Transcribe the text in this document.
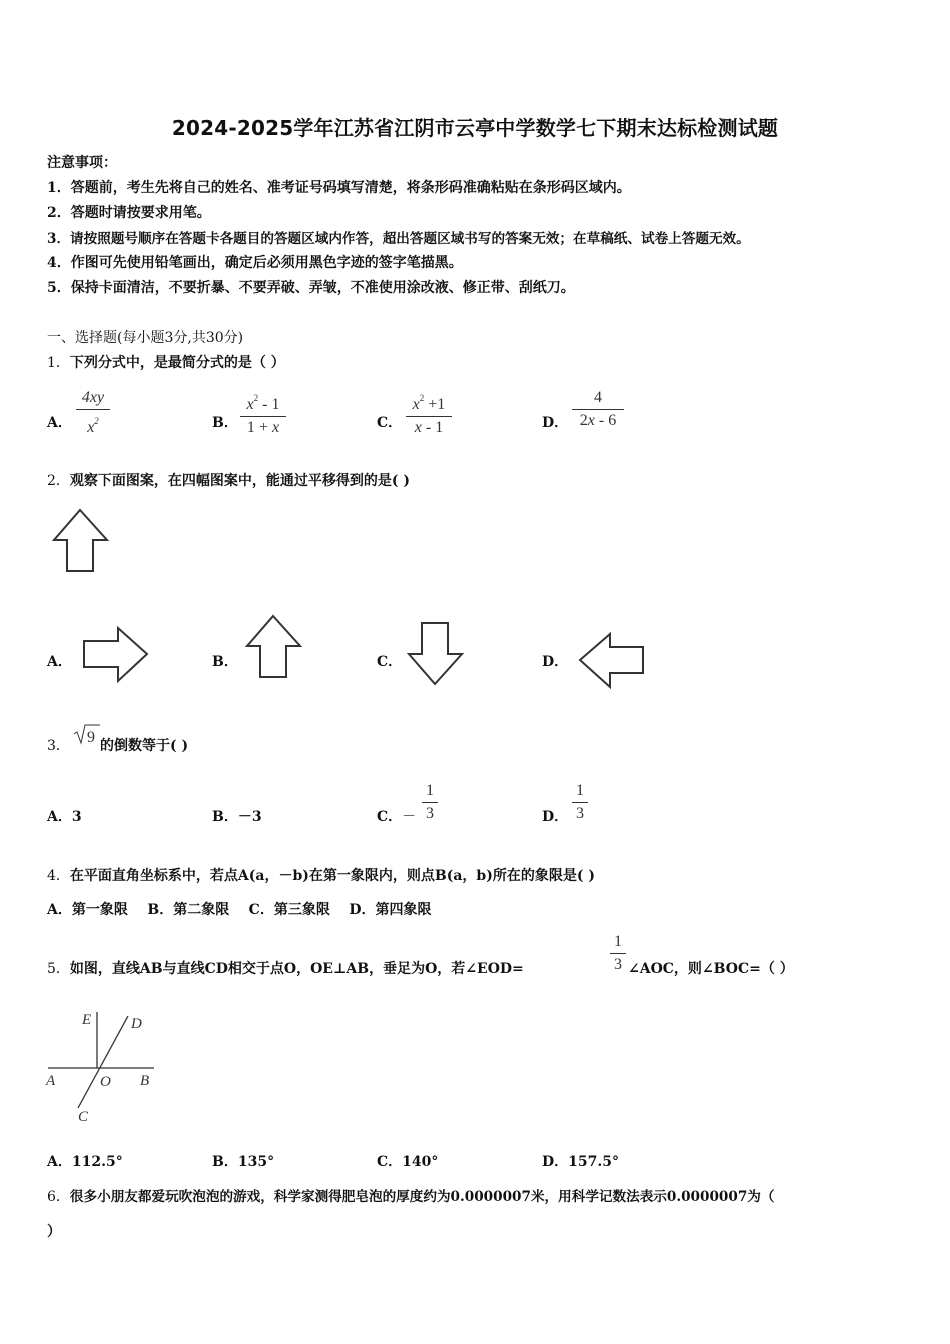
2024-2025学年江苏省江阴市云亭中学数学七下期末达标检测试题
注意事项：
1．答题前，考生先将自己的姓名、准考证号码填写清楚，将条形码准确粘贴在条形码区域内。
2．答题时请按要求用笔。
3．请按照题号顺序在答题卡各题目的答题区域内作答，超出答题区域书写的答案无效；在草稿纸、试卷上答题无效。
4．作图可先使用铅笔画出，确定后必须用黑色字迹的签字笔描黑。
5．保持卡面清洁，不要折暴、不要弄破、弄皱，不准使用涂改液、修正带、刮纸刀。
一、选择题(每小题3分,共30分)
1．下列分式中，是最简分式的是（ ）
A．
4xy
$x^2$	B．
$x^2 - 1$
1 + x	C．
$x^2 +1$
x - 1	D．
4
2x - 6
2．观察下面图案，在四幅图案中，能通过平移得到的是( )
A．	B．	C．	D．
3． 9 的倒数等于( )
A．3	B．－3	C．－
1
3	D．
1
3
4．在平面直角坐标系中，若点A(a，－b)在第一象限内，则点B(a，b)所在的象限是( )
A．第一象限    B．第二象限    C．第三象限    D．第四象限
5．如图，直线AB与直线CD相交于点O，OE⊥AB，垂足为O，若∠EOD=
1
3 ∠AOC，则∠BOC=（ ）
E	D
A	O B
C
A．112.5°	B．135°	C．140°	D．157.5°
6．很多小朋友都爱玩吹泡泡的游戏，科学家测得肥皂泡的厚度约为0.0000007米，用科学记数法表示0.0000007为（
）
